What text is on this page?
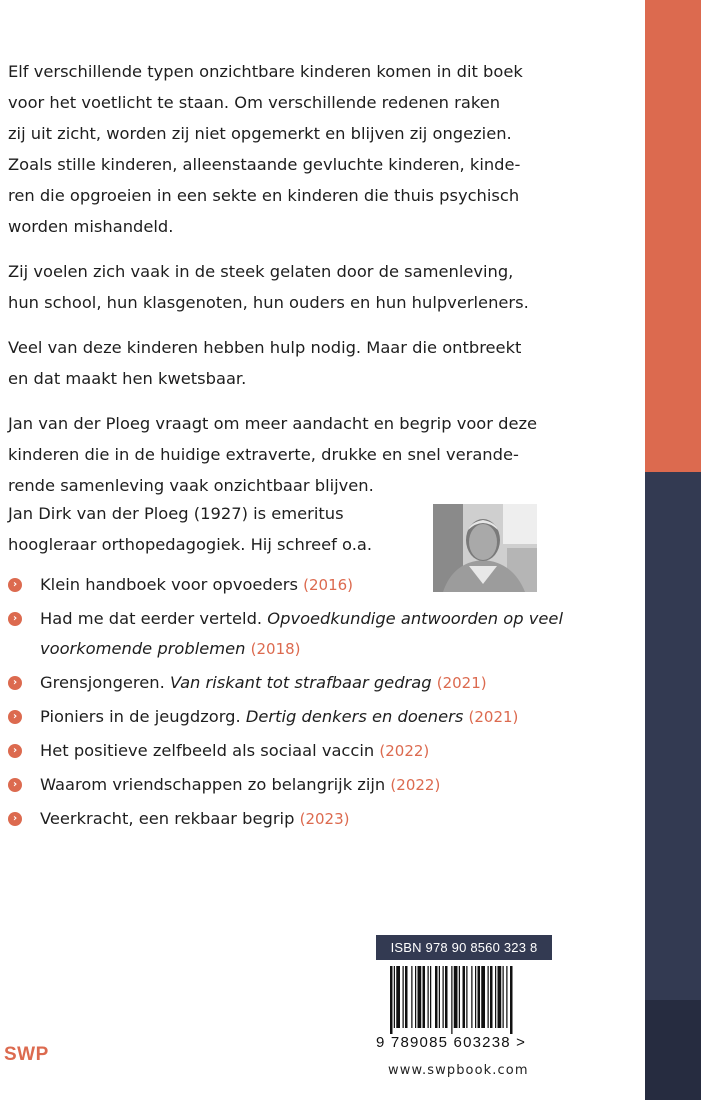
Elf verschillende typen onzichtbare kinderen komen in dit boek
voor het voetlicht te staan. Om verschillende redenen raken
zij uit zicht, worden zij niet opgemerkt en blijven zij ongezien.
Zoals stille kinderen, alleenstaande gevluchte kinderen, kinde-
ren die opgroeien in een sekte en kinderen die thuis psychisch
worden mishandeld.

Zij voelen zich vaak in de steek gelaten door de samenleving,
hun school, hun klasgenoten, hun ouders en hun hulpverleners.

Veel van deze kinderen hebben hulp nodig. Maar die ontbreekt
en dat maakt hen kwetsbaar.

Jan van der Ploeg vraagt om meer aandacht en begrip voor deze
kinderen die in de huidige extraverte, drukke en snel verande-
rende samenleving vaak onzichtbaar blijven.

Jan Dirk van der Ploeg (1927) is emeritus
hoogleraar orthopedagogiek. Hij schreef o.a.
›	Klein handboek voor opvoeders (2016)
›	Had me dat eerder verteld. Opvoedkundige antwoorden op veel voorkomende problemen (2018)
›	Grensjongeren. Van riskant tot strafbaar gedrag (2021)
›	Pioniers in de jeugdzorg. Dertig denkers en doeners (2021)
›	Het positieve zelfbeeld als sociaal vaccin (2022)
›	Waarom vriendschappen zo belangrijk zijn (2022)
›	Veerkracht, een rekbaar begrip (2023)
ISBN 978 90 8560 323 8
9 789085 603238 >
www.swpbook.com
SWP
